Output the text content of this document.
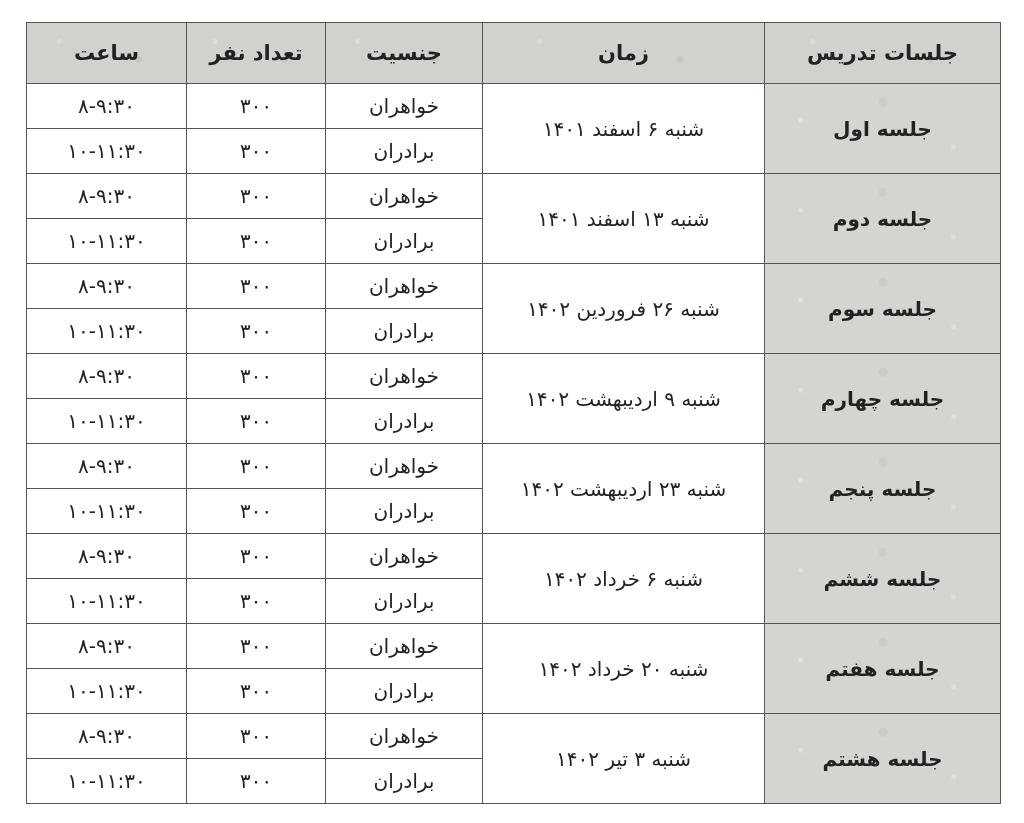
جلسات تدریس	زمان	جنسیت	تعداد نفر	ساعت
جلسه اول	شنبه ۶ اسفند ۱۴۰۱	خواهران	۳۰۰	۸-۹:۳۰
		برادران	۳۰۰	۱۰-۱۱:۳۰
جلسه دوم	شنبه ۱۳ اسفند ۱۴۰۱	خواهران	۳۰۰	۸-۹:۳۰
		برادران	۳۰۰	۱۰-۱۱:۳۰
جلسه سوم	شنبه ۲۶ فروردین ۱۴۰۲	خواهران	۳۰۰	۸-۹:۳۰
		برادران	۳۰۰	۱۰-۱۱:۳۰
جلسه چهارم	شنبه ۹ اردیبهشت ۱۴۰۲	خواهران	۳۰۰	۸-۹:۳۰
		برادران	۳۰۰	۱۰-۱۱:۳۰
جلسه پنجم	شنبه ۲۳ اردیبهشت ۱۴۰۲	خواهران	۳۰۰	۸-۹:۳۰
		برادران	۳۰۰	۱۰-۱۱:۳۰
جلسه ششم	شنبه ۶ خرداد ۱۴۰۲	خواهران	۳۰۰	۸-۹:۳۰
		برادران	۳۰۰	۱۰-۱۱:۳۰
جلسه هفتم	شنبه ۲۰ خرداد ۱۴۰۲	خواهران	۳۰۰	۸-۹:۳۰
		برادران	۳۰۰	۱۰-۱۱:۳۰
جلسه هشتم	شنبه ۳ تیر ۱۴۰۲	خواهران	۳۰۰	۸-۹:۳۰
		برادران	۳۰۰	۱۰-۱۱:۳۰
